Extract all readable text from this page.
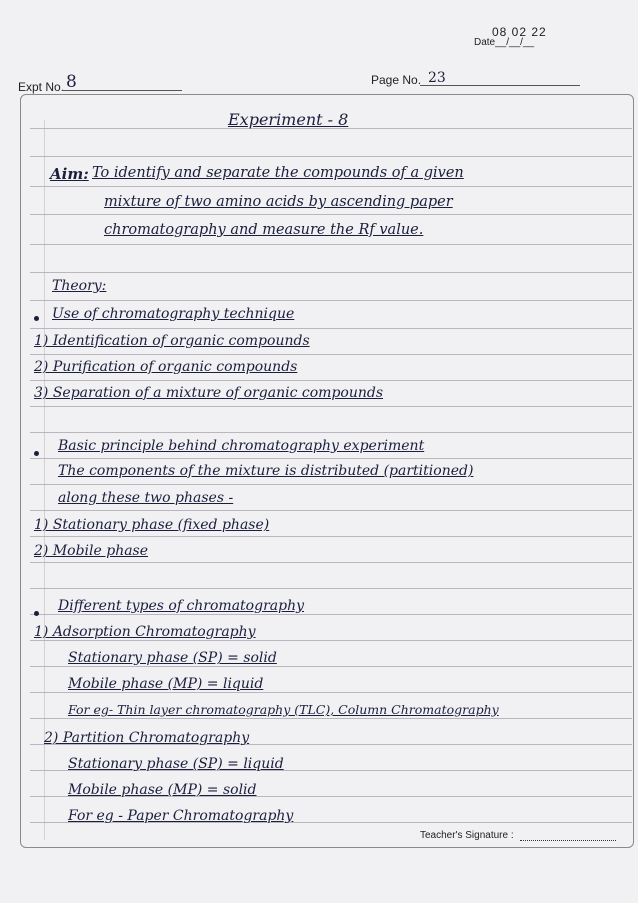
08 02 22
Date__/__/__
Expt No. 8	Page No. 23
Experiment - 8
Aim: To identify and separate the compounds of a given
mixture of two amino acids by ascending paper
chromatography and measure the Rf value.
Theory:
Use of chromatography technique
1) Identification of organic compounds
2) Purification of organic compounds
3) Separation of a mixture of organic compounds
Basic principle behind chromatography experiment
The components of the mixture is distributed (partitioned)
along these two phases -
1) Stationary phase (fixed phase)
2) Mobile phase
Different types of chromatography
1) Adsorption Chromatography
Stationary phase (SP) = solid
Mobile phase (MP) = liquid
For eg- Thin layer chromatography (TLC), Column Chromatography
2) Partition Chromatography
Stationary phase (SP) = liquid
Mobile phase (MP) = solid
For eg - Paper Chromatography
Teacher's Signature :
